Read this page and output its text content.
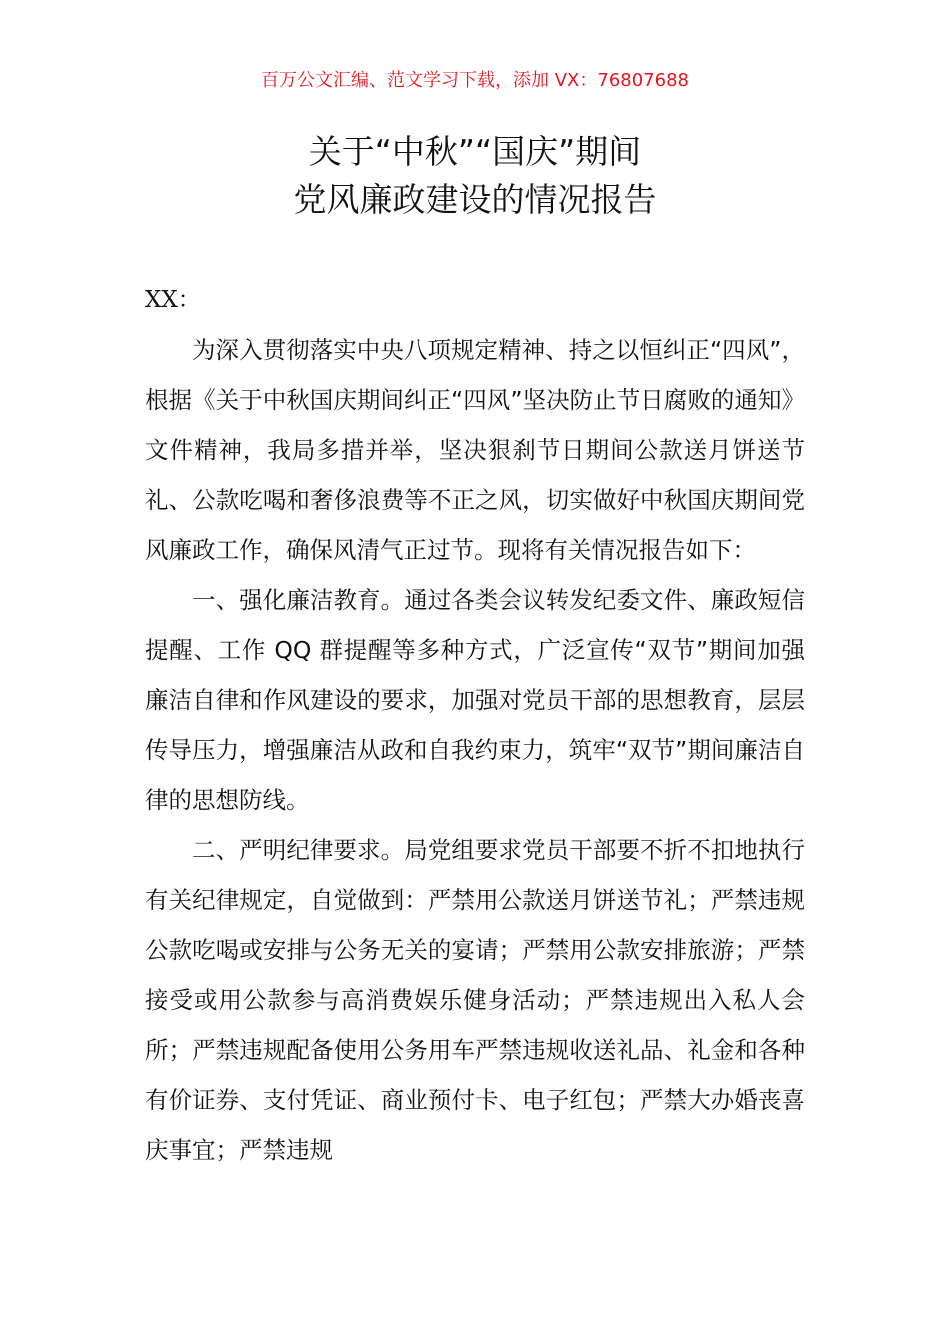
百万公文汇编、范文学习下载，添加 VX：76807688
关于“中秋”“国庆”期间
党风廉政建设的情况报告
XX：

为深入贯彻落实中央八项规定精神、持之以恒纠正“四风”，根据《关于中秋国庆期间纠正“四风”坚决防止节日腐败的通知》文件精神，我局多措并举，坚决狠刹节日期间公款送月饼送节礼、公款吃喝和奢侈浪费等不正之风，切实做好中秋国庆期间党风廉政工作，确保风清气正过节。现将有关情况报告如下：

一、强化廉洁教育。通过各类会议转发纪委文件、廉政短信提醒、工作 QQ 群提醒等多种方式，广泛宣传“双节”期间加强廉洁自律和作风建设的要求，加强对党员干部的思想教育，层层传导压力，增强廉洁从政和自我约束力，筑牢“双节”期间廉洁自律的思想防线。

二、严明纪律要求。局党组要求党员干部要不折不扣地执行有关纪律规定，自觉做到：严禁用公款送月饼送节礼；严禁违规公款吃喝或安排与公务无关的宴请；严禁用公款安排旅游；严禁接受或用公款参与高消费娱乐健身活动；严禁违规出入私人会所；严禁违规配备使用公务用车严禁违规收送礼品、礼金和各种有价证券、支付凭证、商业预付卡、电子红包；严禁大办婚丧喜庆事宜；严禁违规
